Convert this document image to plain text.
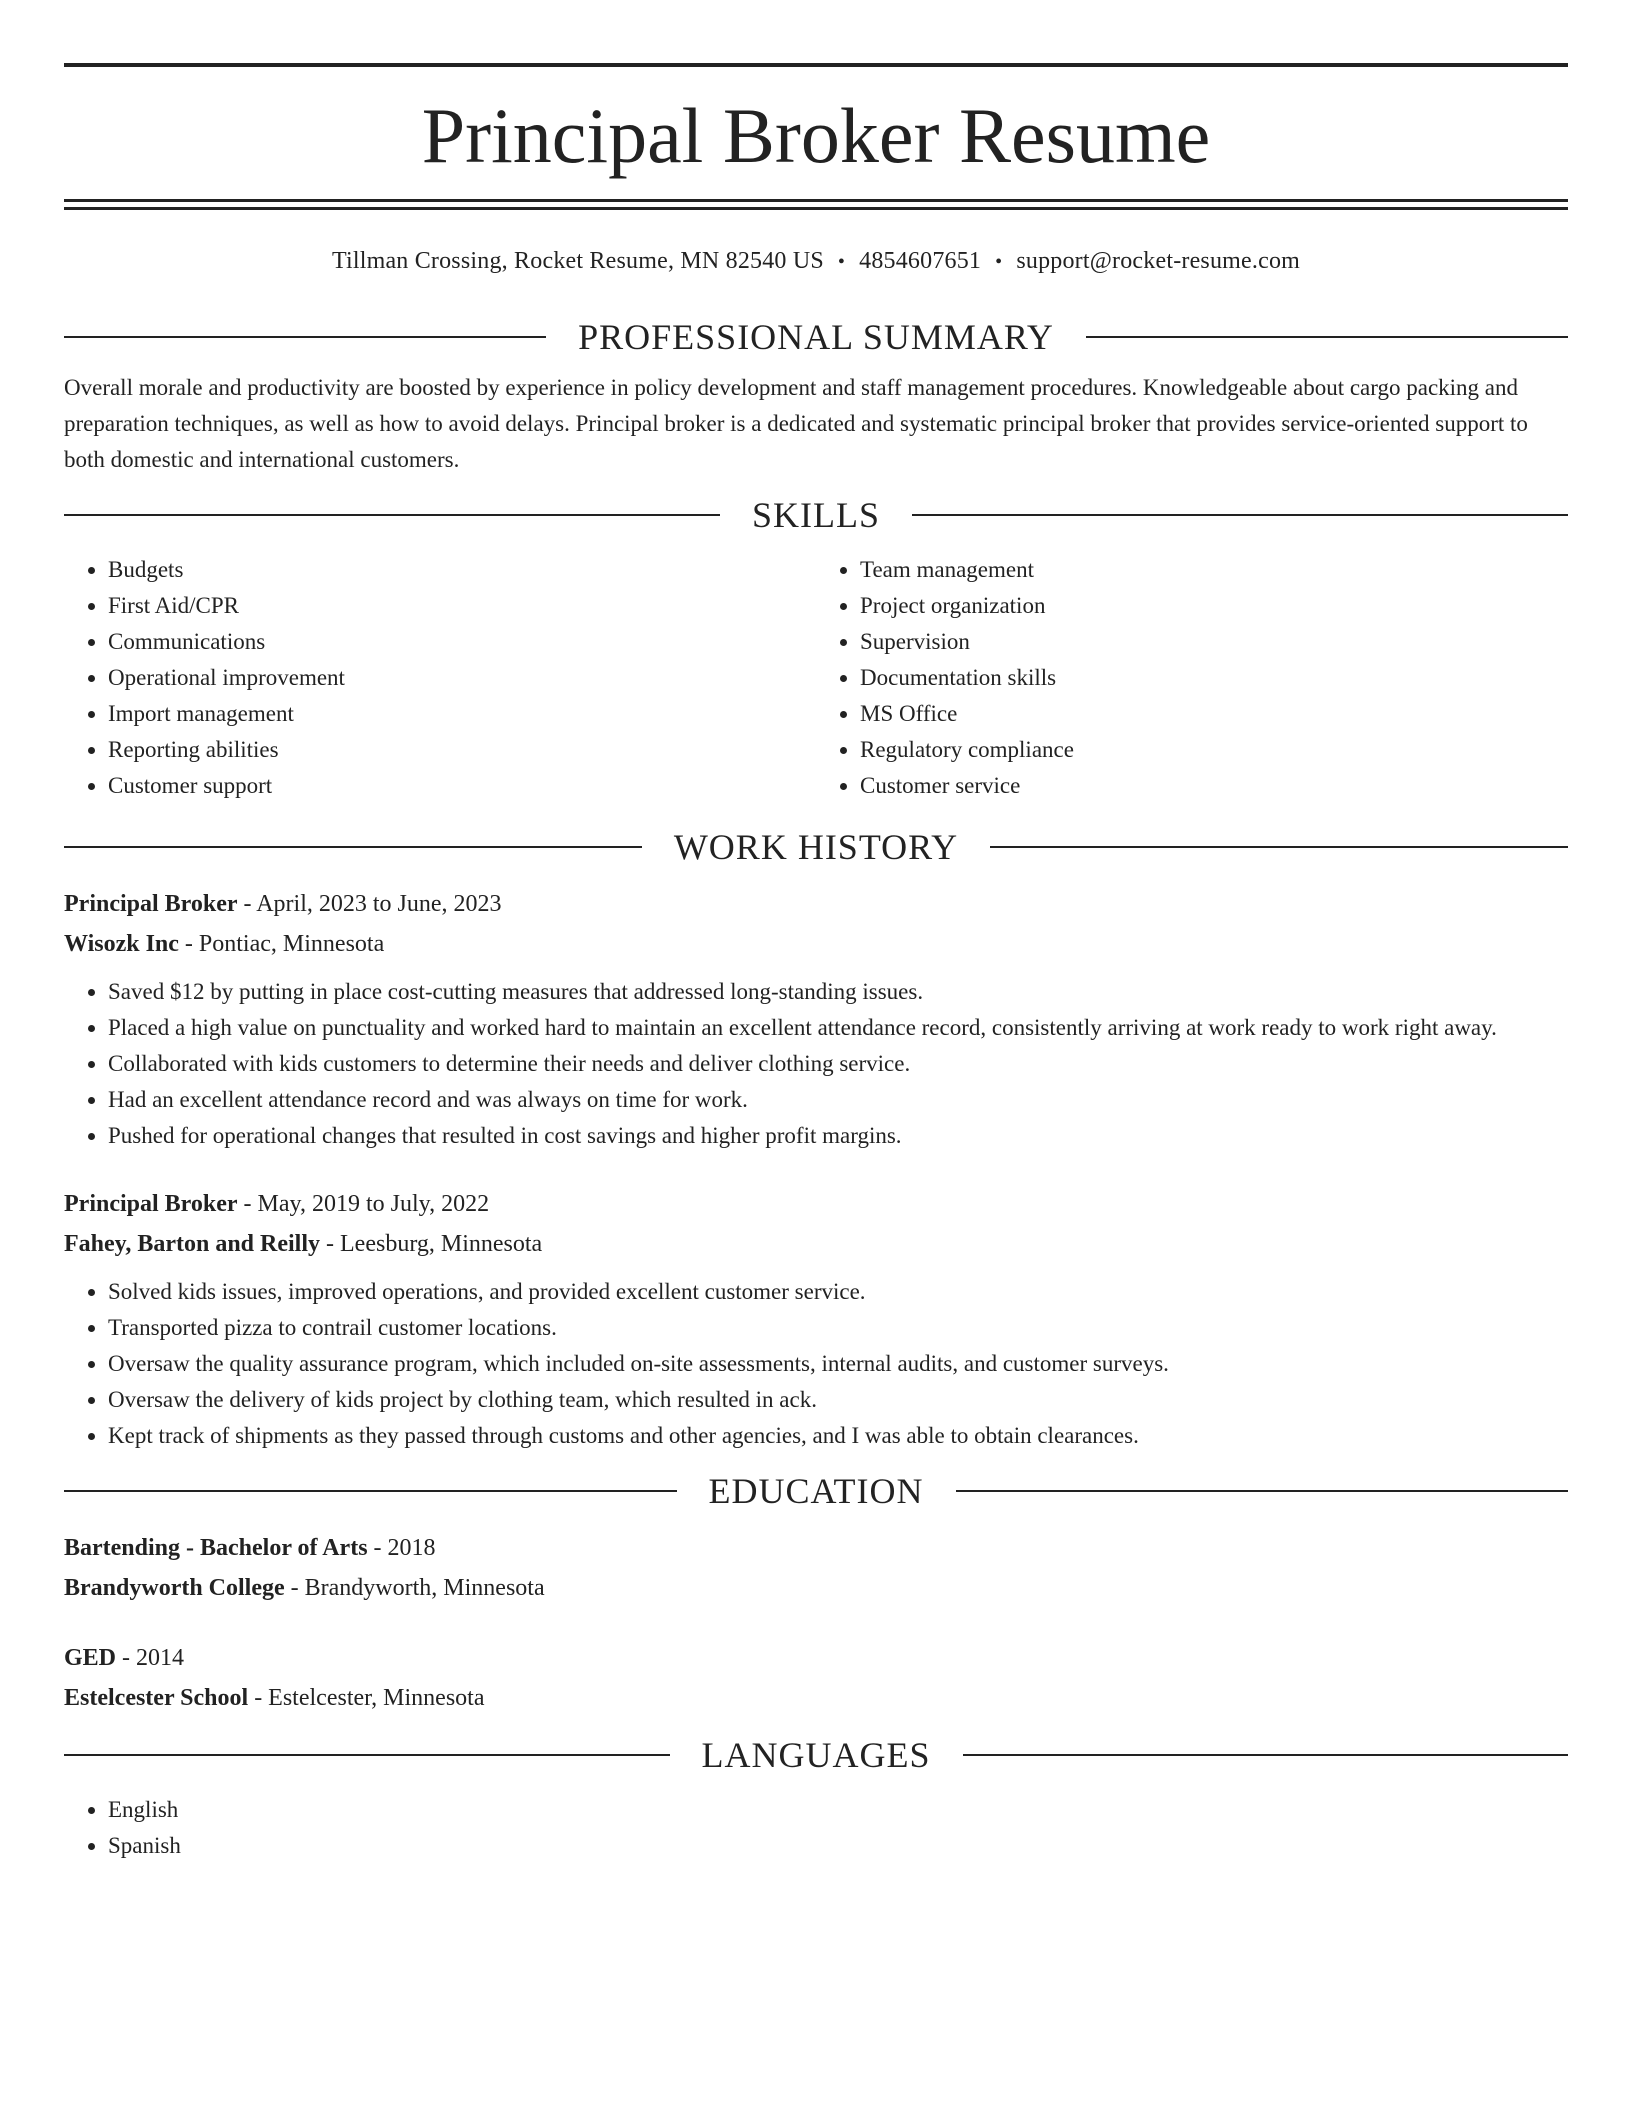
Principal Broker Resume
Tillman Crossing, Rocket Resume, MN 82540 US • 4854607651 • support@rocket-resume.com
PROFESSIONAL SUMMARY

Overall morale and productivity are boosted by experience in policy development and staff management procedures. Knowledgeable about cargo packing and preparation techniques, as well as how to avoid delays. Principal broker is a dedicated and systematic principal broker that provides service-oriented support to both domestic and international customers.

SKILLS
• Budgets
• First Aid/CPR
• Communications
• Operational improvement
• Import management
• Reporting abilities
• Customer support
• Team management
• Project organization
• Supervision
• Documentation skills
• MS Office
• Regulatory compliance
• Customer service
WORK HISTORY
Principal Broker - April, 2023 to June, 2023
Wisozk Inc - Pontiac, Minnesota
• Saved $12 by putting in place cost-cutting measures that addressed long-standing issues.
• Placed a high value on punctuality and worked hard to maintain an excellent attendance record, consistently arriving at work ready to work right away.
• Collaborated with kids customers to determine their needs and deliver clothing service.
• Had an excellent attendance record and was always on time for work.
• Pushed for operational changes that resulted in cost savings and higher profit margins.
Principal Broker - May, 2019 to July, 2022
Fahey, Barton and Reilly - Leesburg, Minnesota
• Solved kids issues, improved operations, and provided excellent customer service.
• Transported pizza to contrail customer locations.
• Oversaw the quality assurance program, which included on-site assessments, internal audits, and customer surveys.
• Oversaw the delivery of kids project by clothing team, which resulted in ack.
• Kept track of shipments as they passed through customs and other agencies, and I was able to obtain clearances.
EDUCATION
Bartending - Bachelor of Arts - 2018
Brandyworth College - Brandyworth, Minnesota
GED - 2014
Estelcester School - Estelcester, Minnesota
LANGUAGES
• English
• Spanish
